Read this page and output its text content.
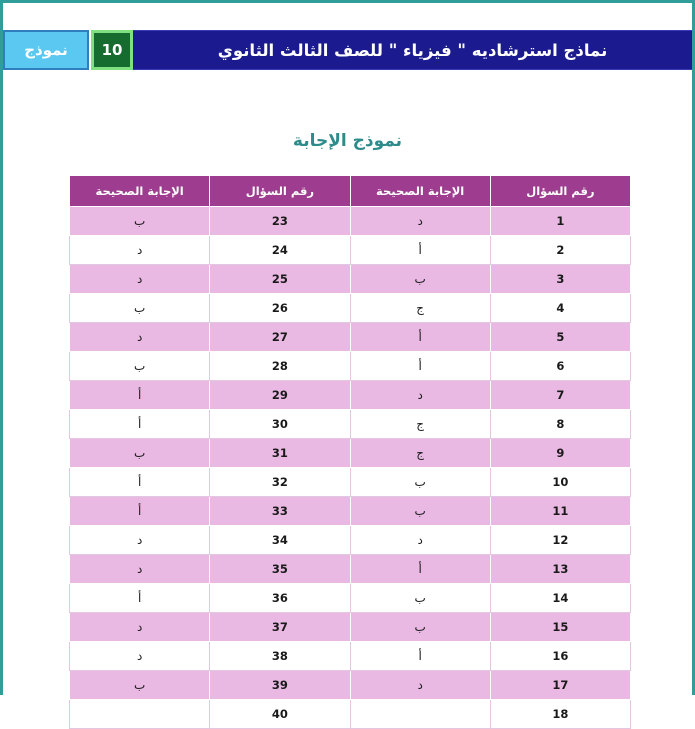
نماذج استرشاديه " فيزياء " للصف الثالث الثانوي
10
نموذج
نموذج الإجابة
رقم السؤال	الإجابة الصحيحة	رقم السؤال	الإجابة الصحيحة
1	د	23	ب
2	أ	24	د
3	ب	25	د
4	ج	26	ب
5	أ	27	د
6	أ	28	ب
7	د	29	أ
8	ج	30	أ
9	ج	31	ب
10	ب	32	أ
11	ب	33	أ
12	د	34	د
13	أ	35	د
14	ب	36	أ
15	ب	37	د
16	أ	38	د
17	د	39	ب
18		40	
